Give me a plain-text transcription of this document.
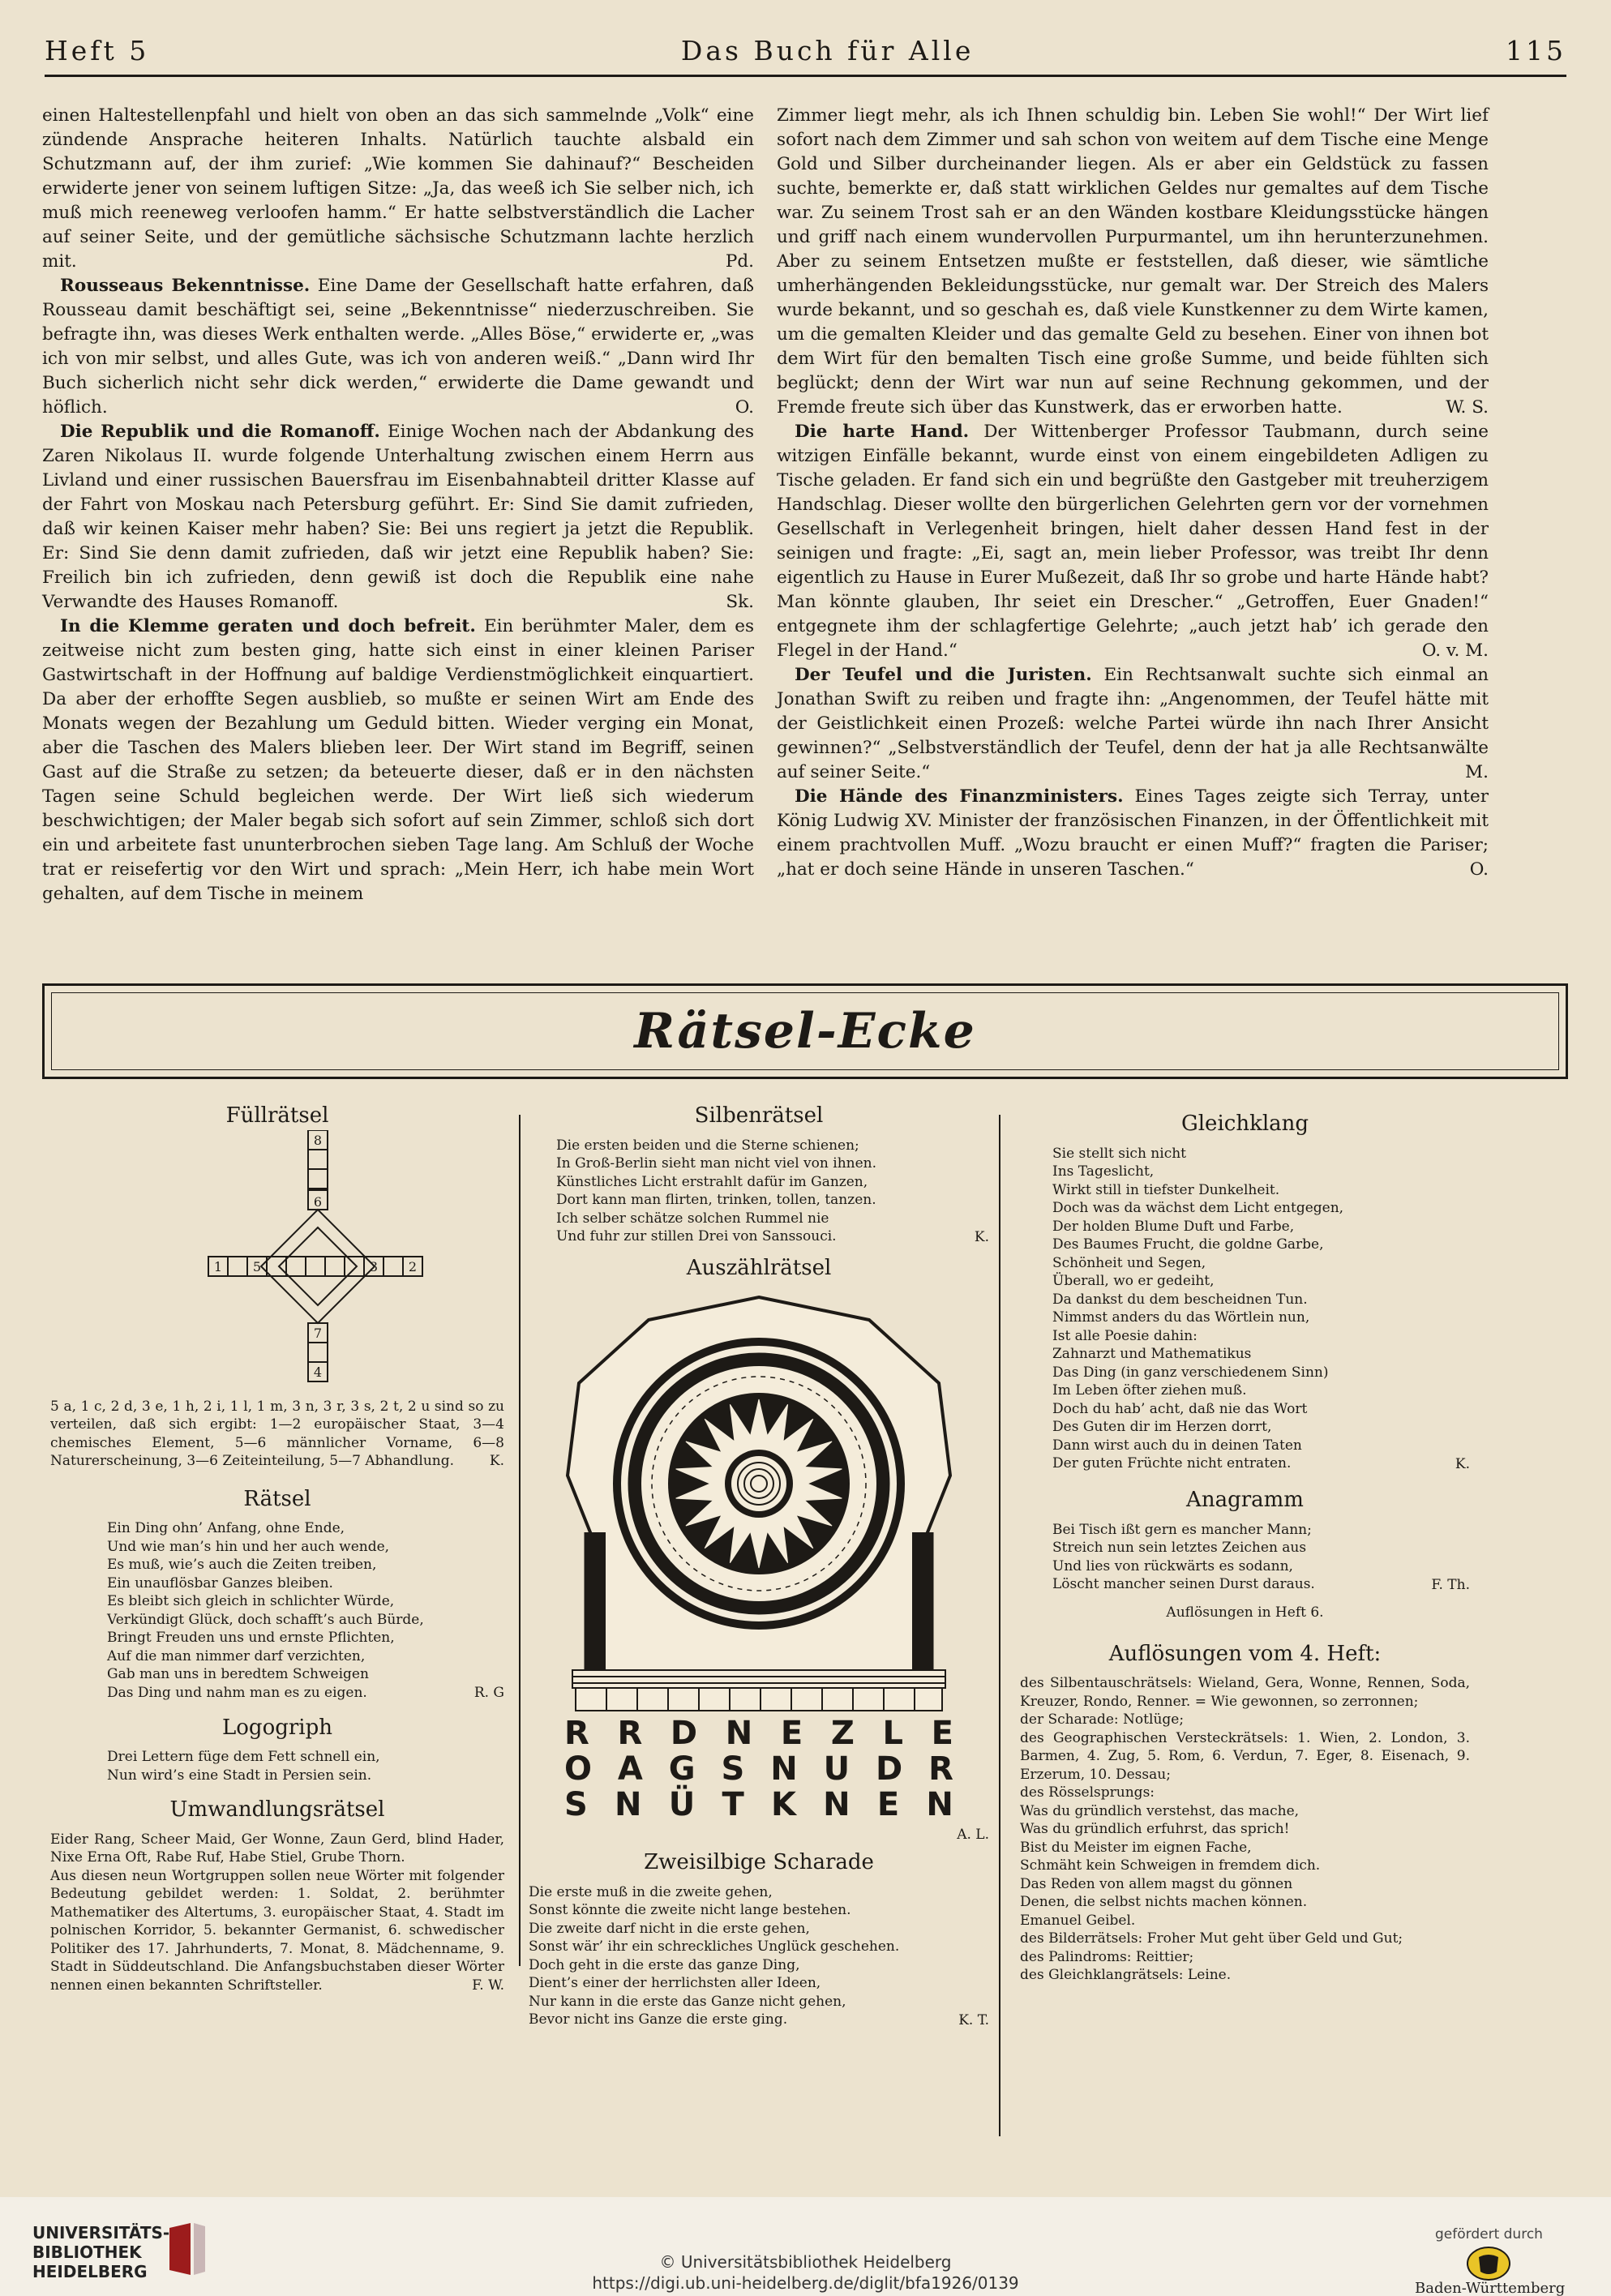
Heft 5	Das Buch für Alle	115

einen Haltestellenpfahl und hielt von oben an das sich sammelnde „Volk“ eine zündende Ansprache heiteren Inhalts. Natürlich tauchte alsbald ein Schutzmann auf, der ihm zurief: „Wie kommen Sie dahinauf?“ Bescheiden erwiderte jener von seinem luftigen Sitze: „Ja, das weeß ich Sie selber nich, ich muß mich reeneweg verloofen hamm.“ Er hatte selbstverständlich die Lacher auf seiner Seite, und der gemütliche sächsische Schutzmann lachte herzlich mit.	Pd.

Rousseaus Bekenntnisse. Eine Dame der Gesellschaft hatte erfahren, daß Rousseau damit beschäftigt sei, seine „Bekenntnisse“ niederzuschreiben. Sie befragte ihn, was dieses Werk enthalten werde. „Alles Böse,“ erwiderte er, „was ich von mir selbst, und alles Gute, was ich von anderen weiß.“ „Dann wird Ihr Buch sicherlich nicht sehr dick werden,“ erwiderte die Dame gewandt und höflich.	O.

Die Republik und die Romanoff. Einige Wochen nach der Abdankung des Zaren Nikolaus II. wurde folgende Unterhaltung zwischen einem Herrn aus Livland und einer russischen Bauersfrau im Eisenbahnabteil dritter Klasse auf der Fahrt von Moskau nach Petersburg geführt. Er: Sind Sie damit zufrieden, daß wir keinen Kaiser mehr haben? Sie: Bei uns regiert ja jetzt die Republik. Er: Sind Sie denn damit zufrieden, daß wir jetzt eine Republik haben? Sie: Freilich bin ich zufrieden, denn gewiß ist doch die Republik eine nahe Verwandte des Hauses Romanoff.	Sk.

In die Klemme geraten und doch befreit. Ein berühmter Maler, dem es zeitweise nicht zum besten ging, hatte sich einst in einer kleinen Pariser Gastwirtschaft in der Hoffnung auf baldige Verdienstmöglichkeit einquartiert. Da aber der erhoffte Segen ausblieb, so mußte er seinen Wirt am Ende des Monats wegen der Bezahlung um Geduld bitten. Wieder verging ein Monat, aber die Taschen des Malers blieben leer. Der Wirt stand im Begriff, seinen Gast auf die Straße zu setzen; da beteuerte dieser, daß er in den nächsten Tagen seine Schuld begleichen werde. Der Wirt ließ sich wiederum beschwichtigen; der Maler begab sich sofort auf sein Zimmer, schloß sich dort ein und arbeitete fast ununterbrochen sieben Tage lang. Am Schluß der Woche trat er reisefertig vor den Wirt und sprach: „Mein Herr, ich habe mein Wort gehalten, auf dem Tische in meinem

Zimmer liegt mehr, als ich Ihnen schuldig bin. Leben Sie wohl!“ Der Wirt lief sofort nach dem Zimmer und sah schon von weitem auf dem Tische eine Menge Gold und Silber durcheinander liegen. Als er aber ein Geldstück zu fassen suchte, bemerkte er, daß statt wirklichen Geldes nur gemaltes auf dem Tische war. Zu seinem Trost sah er an den Wänden kostbare Kleidungsstücke hängen und griff nach einem wundervollen Purpurmantel, um ihn herunterzunehmen. Aber zu seinem Entsetzen mußte er feststellen, daß dieser, wie sämtliche umherhängenden Bekleidungsstücke, nur gemalt war. Der Streich des Malers wurde bekannt, und so geschah es, daß viele Kunstkenner zu dem Wirte kamen, um die gemalten Kleider und das gemalte Geld zu besehen. Einer von ihnen bot dem Wirt für den bemalten Tisch eine große Summe, und beide fühlten sich beglückt; denn der Wirt war nun auf seine Rechnung gekommen, und der Fremde freute sich über das Kunstwerk, das er erworben hatte.	W. S.

Die harte Hand. Der Wittenberger Professor Taubmann, durch seine witzigen Einfälle bekannt, wurde einst von einem eingebildeten Adligen zu Tische geladen. Er fand sich ein und begrüßte den Gastgeber mit treuherzigem Handschlag. Dieser wollte den bürgerlichen Gelehrten gern vor der vornehmen Gesellschaft in Verlegenheit bringen, hielt daher dessen Hand fest in der seinigen und fragte: „Ei, sagt an, mein lieber Professor, was treibt Ihr denn eigentlich zu Hause in Eurer Mußezeit, daß Ihr so grobe und harte Hände habt? Man könnte glauben, Ihr seiet ein Drescher.“ „Getroffen, Euer Gnaden!“ entgegnete ihm der schlagfertige Gelehrte; „auch jetzt hab’ ich gerade den Flegel in der Hand.“	O. v. M.

Der Teufel und die Juristen. Ein Rechtsanwalt suchte sich einmal an Jonathan Swift zu reiben und fragte ihn: „Angenommen, der Teufel hätte mit der Geistlichkeit einen Prozeß: welche Partei würde ihn nach Ihrer Ansicht gewinnen?“ „Selbstverständlich der Teufel, denn der hat ja alle Rechtsanwälte auf seiner Seite.“	M.

Die Hände des Finanzministers. Eines Tages zeigte sich Terray, unter König Ludwig XV. Minister der französischen Finanzen, in der Öffentlichkeit mit einem prachtvollen Muff. „Wozu braucht er einen Muff?“ fragten die Pariser; „hat er doch seine Hände in unseren Taschen.“	O.

Rätsel-Ecke
Füllrätsel
8
6
1 5	3 2
7
4
5 a, 1 c, 2 d, 3 e, 1 h, 2 i, 1 l, 1 m, 3 n, 3 r, 3 s, 2 t, 2 u sind so zu verteilen, daß sich ergibt: 1—2 europäischer Staat, 3—4 chemisches Element, 5—6 männlicher Vorname, 6—8 Naturerscheinung, 3—6 Zeiteinteilung, 5—7 Abhandlung.	K.
Rätsel
Ein Ding ohn’ Anfang, ohne Ende,
Und wie man’s hin und her auch wende,
Es muß, wie’s auch die Zeiten treiben,
Ein unauflösbar Ganzes bleiben.
Es bleibt sich gleich in schlichter Würde,
Verkündigt Glück, doch schafft’s auch Bürde,
Bringt Freuden uns und ernste Pflichten,
Auf die man nimmer darf verzichten,
Gab man uns in beredtem Schweigen
Das Ding und nahm man es zu eigen.	R. G
Logogriph
Drei Lettern füge dem Fett schnell ein,
Nun wird’s eine Stadt in Persien sein.
Umwandlungsrätsel
Eider Rang, Scheer Maid, Ger Wonne, Zaun Gerd, blind Hader, Nixe Erna Oft, Rabe Ruf, Habe Stiel, Grube Thorn.
Aus diesen neun Wortgruppen sollen neue Wörter mit folgender Bedeutung gebildet werden: 1. Soldat, 2. berühmter Mathematiker des Altertums, 3. europäischer Staat, 4. Stadt im polnischen Korridor, 5. bekannter Germanist, 6. schwedischer Politiker des 17. Jahrhunderts, 7. Monat, 8. Mädchenname, 9. Stadt in Süddeutschland. Die Anfangsbuchstaben dieser Wörter nennen einen bekannten Schriftsteller.	F. W.
Silbenrätsel
Die ersten beiden und die Sterne schienen;
In Groß-Berlin sieht man nicht viel von ihnen.
Künstliches Licht erstrahlt dafür im Ganzen,
Dort kann man flirten, trinken, tollen, tanzen.
Ich selber schätze solchen Rummel nie
Und fuhr zur stillen Drei von Sanssouci.	K.
Auszählrätsel
R R D N E Z L E
O A G S N U D R
S N Ü T K N E N
A. L.
Zweisilbige Scharade
Die erste muß in die zweite gehen,
Sonst könnte die zweite nicht lange bestehen.
Die zweite darf nicht in die erste gehen,
Sonst wär’ ihr ein schreckliches Unglück geschehen.
Doch geht in die erste das ganze Ding,
Dient’s einer der herrlichsten aller Ideen,
Nur kann in die erste das Ganze nicht gehen,
Bevor nicht ins Ganze die erste ging.	K. T.
Gleichklang
Sie stellt sich nicht
Ins Tageslicht,
Wirkt still in tiefster Dunkelheit.
Doch was da wächst dem Licht entgegen,
Der holden Blume Duft und Farbe,
Des Baumes Frucht, die goldne Garbe,
Schönheit und Segen,
Überall, wo er gedeiht,
Da dankst du dem bescheidnen Tun.
Nimmst anders du das Wörtlein nun,
Ist alle Poesie dahin:
Zahnarzt und Mathematikus
Das Ding (in ganz verschiedenem Sinn)
Im Leben öfter ziehen muß.
Doch du hab’ acht, daß nie das Wort
Des Guten dir im Herzen dorrt,
Dann wirst auch du in deinen Taten
Der guten Früchte nicht entraten.	K.
Anagramm
Bei Tisch ißt gern es mancher Mann;
Streich nun sein letztes Zeichen aus
Und lies von rückwärts es sodann,
Löscht mancher seinen Durst daraus.	F. Th.
Auflösungen in Heft 6.
Auflösungen vom 4. Heft:
des Silbentauschrätsels: Wieland, Gera, Wonne, Rennen, Soda, Kreuzer, Rondo, Renner. = Wie gewonnen, so zerronnen;
der Scharade: Notlüge;
des Geographischen Versteckrätsels: 1. Wien, 2. London, 3. Barmen, 4. Zug, 5. Rom, 6. Verdun, 7. Eger, 8. Eisenach, 9. Erzerum, 10. Dessau;
des Rösselsprungs:
Was du gründlich verstehst, das mache,
Was du gründlich erfuhrst, das sprich!
Bist du Meister im eignen Fache,
Schmäht kein Schweigen in fremdem dich.
Das Reden von allem magst du gönnen
Denen, die selbst nichts machen können.
Emanuel Geibel.
des Bilderrätsels: Froher Mut geht über Geld und Gut;
des Palindroms: Reittier;
des Gleichklangrätsels: Leine.
UNIVERSITÄTS-
BIBLIOTHEK
HEIDELBERG	© Universitätsbibliothek Heidelberg
https://digi.ub.uni-heidelberg.de/diglit/bfa1926/0139
gefördert durch
Baden-Württemberg
